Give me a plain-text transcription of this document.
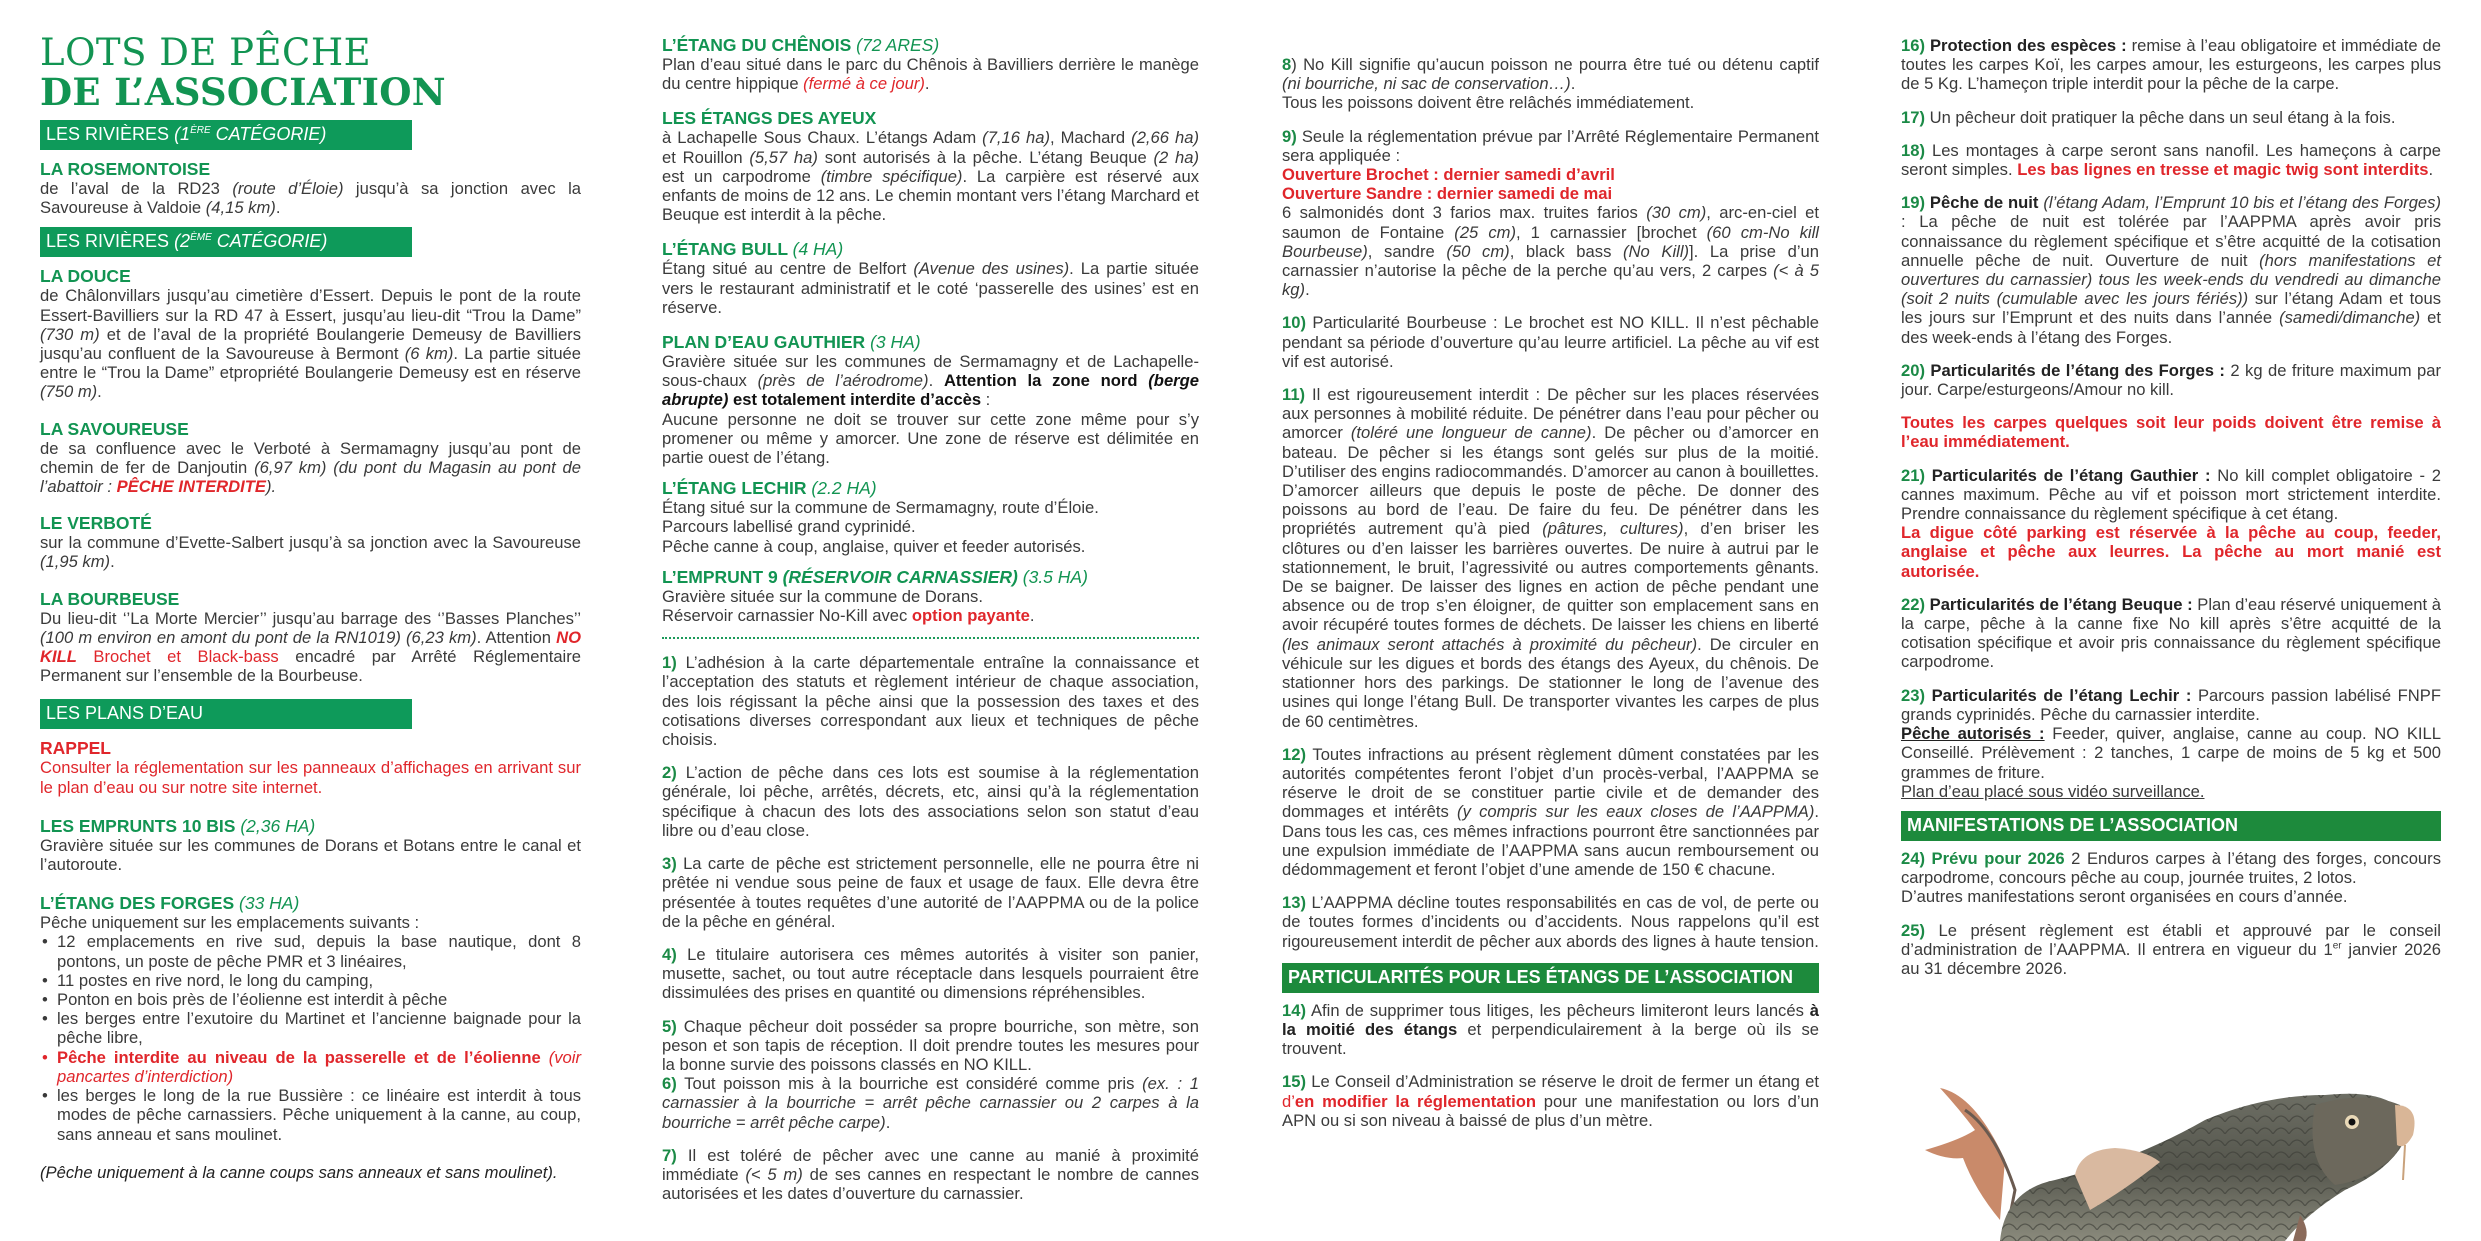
LOTS DE PÊCHE
DE L’ASSOCIATION
LES RIVIÈRES (1ÈRE CATÉGORIE)
LA ROSEMONTOISE

de l’aval de la RD23 (route d’Éloie) jusqu’à sa jonction avec la Savoureuse à Valdoie (4,15 km).

LES RIVIÈRES (2ÈME CATÉGORIE)
LA DOUCE

de Châlonvillars jusqu’au cimetière d’Essert. Depuis le pont de la route Essert-Bavilliers sur la RD 47 à Essert, jusqu’au lieu-dit “Trou la Dame” (730 m) et de l’aval de la propriété Boulangerie Demeusy de Bavilliers jusqu’au confluent de la Savoureuse à Bermont (6 km). La partie située entre le “Trou la Dame” etpropriété Boulangerie Demeusy est en réserve (750 m).

LA SAVOUREUSE

de sa confluence avec le Verboté à Sermamagny jusqu’au pont de chemin de fer de Danjoutin (6,97 km) (du pont du Magasin au pont de l’abattoir : PÊCHE INTERDITE).

LE VERBOTÉ

sur la commune d’Evette-Salbert jusqu’à sa jonction avec la Savoureuse (1,95 km).

LA BOURBEUSE

Du lieu-dit ‘’La Morte Mercier’’ jusqu’au barrage des ‘’Basses Planches’’ (100 m environ en amont du pont de la RN1019) (6,23 km). Attention NO KILL Brochet et Black-bass encadré par Arrêté Réglementaire Permanent sur l’ensemble de la Bourbeuse.

LES PLANS D’EAU
RAPPEL

Consulter la réglementation sur les panneaux d’affichages en arrivant sur le plan d’eau ou sur notre site internet.

LES EMPRUNTS 10 BIS (2,36 HA)

Gravière située sur les communes de Dorans et Botans entre le canal et l’autoroute.

L’ÉTANG DES FORGES (33 HA)

Pêche uniquement sur les emplacements suivants :

• 12 emplacements en rive sud, depuis la base nautique, dont 8 pontons, un poste de pêche PMR et 3 linéaires,
• 11 postes en rive nord, le long du camping,
• Ponton en bois près de l’éolienne est interdit à pêche
• les berges entre l’exutoire du Martinet et l’ancienne baignade pour la pêche libre,
• Pêche interdite au niveau de la passerelle et de l’éolienne (voir pancartes d’interdiction)
• les berges le long de la rue Bussière : ce linéaire est interdit à tous modes de pêche carnassiers. Pêche uniquement à la canne, au coup, sans anneau et sans moulinet.

(Pêche uniquement à la canne coups sans anneaux et sans moulinet).

L’ÉTANG DU CHÊNOIS (72 ARES)

Plan d’eau situé dans le parc du Chênois à Bavilliers derrière le manège du centre hippique (fermé à ce jour).

LES ÉTANGS DES AYEUX

à Lachapelle Sous Chaux. L’étangs Adam (7,16 ha), Machard (2,66 ha) et Rouillon (5,57 ha) sont autorisés à la pêche. L’étang Beuque (2 ha) est un carpodrome (timbre spécifique). La carpière est réservé aux enfants de moins de 12 ans. Le chemin montant vers l’étang Marchard et Beuque est interdit à la pêche.

L’ÉTANG BULL (4 HA)

Étang situé au centre de Belfort (Avenue des usines). La partie située vers le restaurant administratif et le coté ‘passerelle des usines’ est en réserve.

PLAN D’EAU GAUTHIER (3 HA)

Gravière située sur les communes de Sermamagny et de Lachapelle-sous-chaux (près de l’aérodrome). Attention la zone nord (berge abrupte) est totalement interdite d’accès :

Aucune personne ne doit se trouver sur cette zone même pour s’y promener ou même y amorcer. Une zone de réserve est délimitée en partie ouest de l’étang.

L’ÉTANG LECHIR (2.2 HA)
Étang situé sur la commune de Sermamagny, route d’Éloie.
Parcours labellisé grand cyprinidé.
Pêche canne à coup, anglaise, quiver et feeder autorisés.
L’EMPRUNT 9 (RÉSERVOIR CARNASSIER) (3.5 HA)
Gravière située sur la commune de Dorans.
Réservoir carnassier No-Kill avec option payante.

1) L’adhésion à la carte départementale entraîne la connaissance et l’acceptation des statuts et règlement intérieur de chaque association, des lois régissant la pêche ainsi que la possession des taxes et des cotisations diverses correspondant aux lieux et techniques de pêche choisis.

2) L’action de pêche dans ces lots est soumise à la réglementation générale, loi pêche, arrêtés, décrets, etc, ainsi qu’à la réglementation spécifique à chacun des lots des associations selon son statut d’eau libre ou d’eau close.

3) La carte de pêche est strictement personnelle, elle ne pourra être ni prêtée ni vendue sous peine de faux et usage de faux. Elle devra être présentée à toutes requêtes d’une autorité de l’AAPPMA ou de la police de la pêche en général.

4) Le titulaire autorisera ces mêmes autorités à visiter son panier, musette, sachet, ou tout autre réceptacle dans lesquels pourraient être dissimulées des prises en quantité ou dimensions répréhensibles.

5) Chaque pêcheur doit posséder sa propre bourriche, son mètre, son peson et son tapis de réception. Il doit prendre toutes les mesures pour la bonne survie des poissons classés en NO KILL.

6) Tout poisson mis à la bourriche est considéré comme pris (ex. : 1 carnassier à la bourriche = arrêt pêche carnassier ou 2 carpes à la bourriche = arrêt pêche carpe).

7) Il est toléré de pêcher avec une canne au manié à proximité immédiate (< 5 m) de ses cannes en respectant le nombre de cannes autorisées et les dates d’ouverture du carnassier.

8) No Kill signifie qu’aucun poisson ne pourra être tué ou détenu captif (ni bourriche, ni sac de conservation…).

Tous les poissons doivent être relâchés immédiatement.

9) Seule la réglementation prévue par l’Arrêté Réglementaire Permanent sera appliquée :

Ouverture Brochet : dernier samedi d’avril
Ouverture Sandre : dernier samedi de mai

6 salmonidés dont 3 farios max. truites farios (30 cm), arc-en-ciel et saumon de Fontaine (25 cm), 1 carnassier [brochet (60 cm-No kill Bourbeuse), sandre (50 cm), black bass (No Kill)]. La prise d’un carnassier n’autorise la pêche de la perche qu’au vers, 2 carpes (< à 5 kg).

10) Particularité Bourbeuse : Le brochet est NO KILL. Il n’est pêchable pendant sa période d’ouverture qu’au leurre artificiel. La pêche au vif est vif est autorisé.

11) Il est rigoureusement interdit : De pêcher sur les places réservées aux personnes à mobilité réduite. De pénétrer dans l’eau pour pêcher ou amorcer (toléré une longueur de canne). De pêcher ou d’amorcer en bateau. De pêcher si les étangs sont gelés sur plus de la moitié. D’utiliser des engins radiocommandés. D’amorcer au canon à bouillettes. D’amorcer ailleurs que depuis le poste de pêche. De donner des poissons au bord de l’eau. De faire du feu. De pénétrer dans les propriétés autrement qu’à pied (pâtures, cultures), d’en briser les clôtures ou d’en laisser les barrières ouvertes. De nuire à autrui par le stationnement, le bruit, l’agressivité ou autres comportements gênants. De se baigner. De laisser des lignes en action de pêche pendant une absence ou de trop s’en éloigner, de quitter son emplacement sans en avoir récupéré toutes formes de déchets. De laisser les chiens en liberté (les animaux seront attachés à proximité du pêcheur). De circuler en véhicule sur les digues et bords des étangs des Ayeux, du chênois. De stationner hors des parkings. De stationner le long de l’avenue des usines qui longe l’étang Bull. De transporter vivantes les carpes de plus de 60 centimètres.

12) Toutes infractions au présent règlement dûment constatées par les autorités compétentes feront l’objet d’un procès-verbal, l’AAPPMA se réserve le droit de se constituer partie civile et de demander des dommages et intérêts (y compris sur les eaux closes de l’AAPPMA). Dans tous les cas, ces mêmes infractions pourront être sanctionnées par une expulsion immédiate de l’AAPPMA sans aucun remboursement ou dédommagement et feront l’objet d’une amende de 150 € chacune.

13) L’AAPPMA décline toutes responsabilités en cas de vol, de perte ou de toutes formes d’incidents ou d’accidents. Nous rappelons qu’il est rigoureusement interdit de pêcher aux abords des lignes à haute tension.

PARTICULARITÉS POUR LES ÉTANGS DE L’ASSOCIATION

14) Afin de supprimer tous litiges, les pêcheurs limiteront leurs lancés à la moitié des étangs et perpendiculairement à la berge où ils se trouvent.

15) Le Conseil d’Administration se réserve le droit de fermer un étang et d’en modifier la réglementation pour une manifestation ou lors d’un APN ou si son niveau à baissé de plus d’un mètre.

16) Protection des espèces : remise à l’eau obligatoire et immédiate de toutes les carpes Koï, les carpes amour, les esturgeons, les carpes plus de 5 Kg. L’hameçon triple interdit pour la pêche de la carpe.

17) Un pêcheur doit pratiquer la pêche dans un seul étang à la fois.

18) Les montages à carpe seront sans nanofil. Les hameçons à carpe seront simples. Les bas lignes en tresse et magic twig sont interdits.

19) Pêche de nuit (l’étang Adam, l’Emprunt 10 bis et l’étang des Forges) : La pêche de nuit est tolérée par l’AAPPMA après avoir pris connaissance du règlement spécifique et s’être acquitté de la cotisation annuelle pêche de nuit. Ouverture de nuit (hors manifestations et ouvertures du carnassier) tous les week-ends du vendredi au dimanche (soit 2 nuits (cumulable avec les jours fériés)) sur l’étang Adam et tous les jours sur l’Emprunt et des nuits dans l’année (samedi/dimanche) et des week-ends à l’étang des Forges.

20) Particularités de l’étang des Forges : 2 kg de friture maximum par jour. Carpe/esturgeons/Amour no kill.

Toutes les carpes quelques soit leur poids doivent être remise à l’eau immédiatement.

21) Particularités de l’étang Gauthier : No kill complet obligatoire - 2 cannes maximum. Pêche au vif et poisson mort strictement interdite. Prendre connaissance du règlement spécifique à cet étang.

La digue côté parking est réservée à la pêche au coup, feeder, anglaise et pêche aux leurres. La pêche au mort manié est autorisée.

22) Particularités de l’étang Beuque : Plan d’eau réservé uniquement à la carpe, pêche à la canne fixe No kill après s’être acquitté de la cotisation spécifique et avoir pris connaissance du règlement spécifique carpodrome.

23) Particularités de l’étang Lechir : Parcours passion labélisé FNPF grands cyprinidés. Pêche du carnassier interdite.

Pêche autorisés : Feeder, quiver, anglaise, canne au coup. NO KILL Conseillé. Prélèvement : 2 tanches, 1 carpe de moins de 5 kg et 500 grammes de friture.

Plan d’eau placé sous vidéo surveillance.

MANIFESTATIONS DE L’ASSOCIATION

24) Prévu pour 2026 2 Enduros carpes à l’étang des forges, concours carpodrome, concours pêche au coup, journée truites, 2 lotos.

D’autres manifestations seront organisées en cours d’année.

25) Le présent règlement est établi et approuvé par le conseil d’administration de l’AAPPMA. Il entrera en vigueur du 1er janvier 2026 au 31 décembre 2026.
